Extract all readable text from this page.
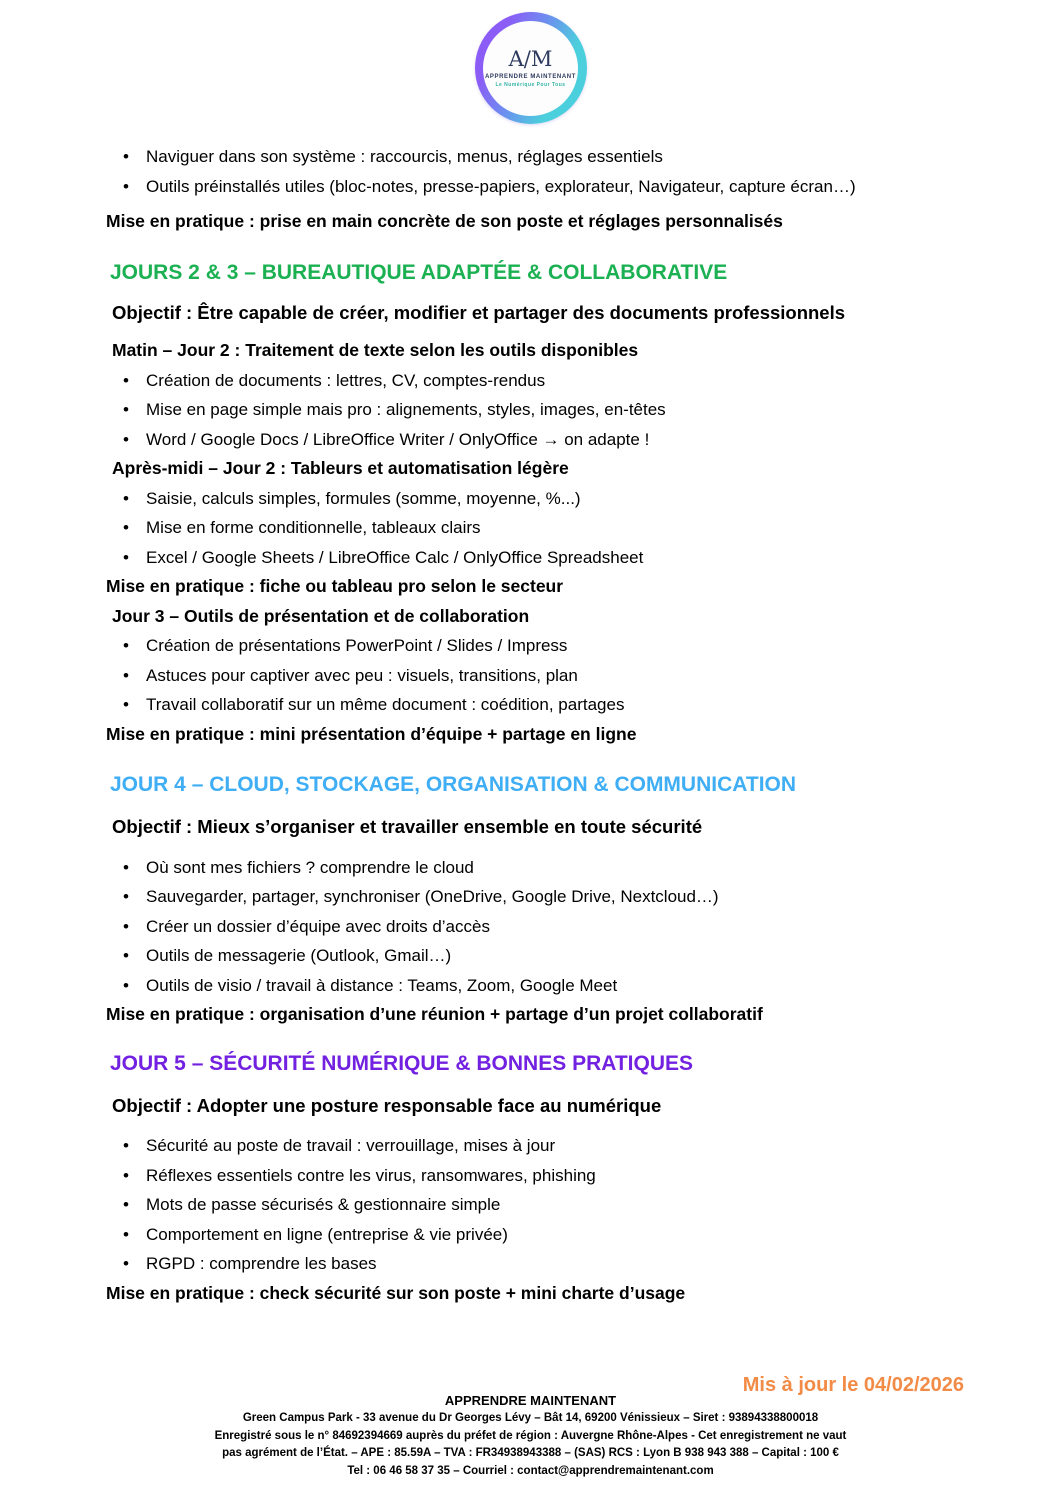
A/M
APPRENDRE MAINTENANT
Le Numérique Pour Tous
• Naviguer dans son système : raccourcis, menus, réglages essentiels
• Outils préinstallés utiles (bloc-notes, presse-papiers, explorateur, Navigateur, capture écran…)
Mise en pratique : prise en main concrète de son poste et réglages personnalisés
JOURS 2 & 3 – BUREAUTIQUE ADAPTÉE & COLLABORATIVE

Objectif : Être capable de créer, modifier et partager des documents professionnels

Matin – Jour 2 : Traitement de texte selon les outils disponibles
• Création de documents : lettres, CV, comptes-rendus
• Mise en page simple mais pro : alignements, styles, images, en-têtes
• Word / Google Docs / LibreOffice Writer / OnlyOffice → on adapte !
Après-midi – Jour 2 : Tableurs et automatisation légère
• Saisie, calculs simples, formules (somme, moyenne, %...)
• Mise en forme conditionnelle, tableaux clairs
• Excel / Google Sheets / LibreOffice Calc / OnlyOffice Spreadsheet
Mise en pratique : fiche ou tableau pro selon le secteur
Jour 3 – Outils de présentation et de collaboration
• Création de présentations PowerPoint / Slides / Impress
• Astuces pour captiver avec peu : visuels, transitions, plan
• Travail collaboratif sur un même document : coédition, partages
Mise en pratique : mini présentation d’équipe + partage en ligne
JOUR 4 – CLOUD, STOCKAGE, ORGANISATION & COMMUNICATION

Objectif : Mieux s’organiser et travailler ensemble en toute sécurité

• Où sont mes fichiers ? comprendre le cloud
• Sauvegarder, partager, synchroniser (OneDrive, Google Drive, Nextcloud…)
• Créer un dossier d’équipe avec droits d’accès
• Outils de messagerie (Outlook, Gmail…)
• Outils de visio / travail à distance : Teams, Zoom, Google Meet
Mise en pratique : organisation d’une réunion + partage d’un projet collaboratif
JOUR 5 – SÉCURITÉ NUMÉRIQUE & BONNES PRATIQUES

Objectif : Adopter une posture responsable face au numérique

• Sécurité au poste de travail : verrouillage, mises à jour
• Réflexes essentiels contre les virus, ransomwares, phishing
• Mots de passe sécurisés & gestionnaire simple
• Comportement en ligne (entreprise & vie privée)
• RGPD : comprendre les bases
Mise en pratique : check sécurité sur son poste + mini charte d’usage
Mis à jour le 04/02/2026
APPRENDRE MAINTENANT
Green Campus Park - 33 avenue du Dr Georges Lévy – Bât 14, 69200 Vénissieux – Siret : 93894338800018
Enregistré sous le n° 84692394669 auprès du préfet de région : Auvergne Rhône-Alpes - Cet enregistrement ne vaut
pas agrément de l’État. – APE : 85.59A – TVA : FR34938943388 – (SAS) RCS : Lyon B 938 943 388 – Capital : 100 €
Tel : 06 46 58 37 35 – Courriel : contact@apprendremaintenant.com
